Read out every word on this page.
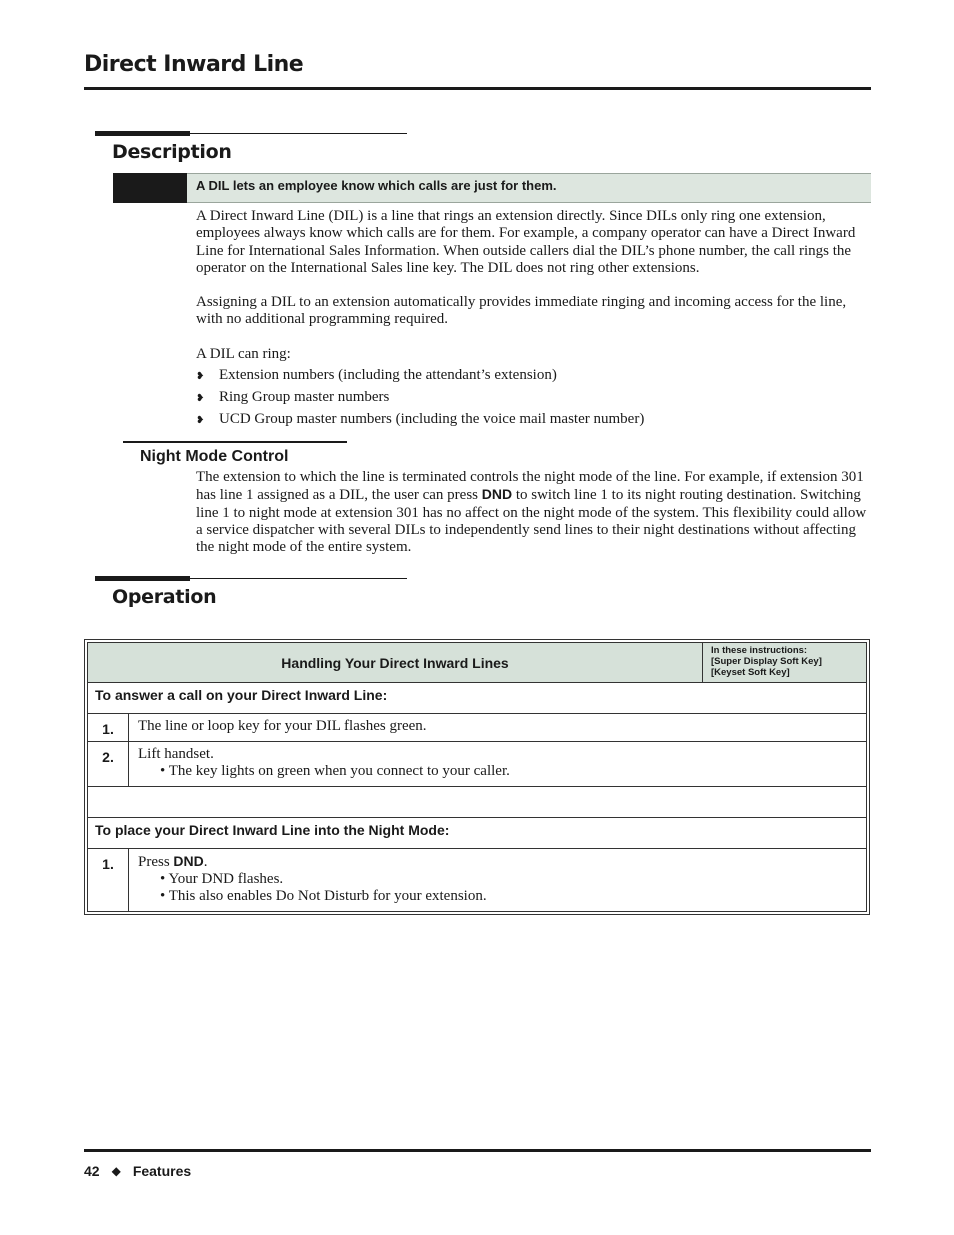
Direct Inward Line
Description
A DIL lets an employee know which calls are just for them.

A Direct Inward Line (DIL) is a line that rings an extension directly. Since DILs only ring one extension, employees always know which calls are for them. For example, a company operator can have a Direct Inward Line for International Sales Information. When outside callers dial the DIL’s phone number, the call rings the operator on the International Sales line key. The DIL does not ring other extensions.

Assigning a DIL to an extension automatically provides immediate ringing and incoming access for the line, with no additional programming required.

A DIL can ring:

❥ Extension numbers (including the attendant’s extension)
❥ Ring Group master numbers
❥ UCD Group master numbers (including the voice mail master number)
Night Mode Control

The extension to which the line is terminated controls the night mode of the line. For example, if extension 301 has line 1 assigned as a DIL, the user can press DND to switch line 1 to its night routing destination. Switching line 1 to night mode at extension 301 has no affect on the night mode of the system. This flexibility could allow a service dispatcher with several DILs to independently send lines to their night destinations without affecting the night mode of the entire system.

Operation
Handling Your Direct Inward Lines		In these instructions:
[Super Display Soft Key]
[Keyset Soft Key]

To answer a call on your Direct Inward Line:		
1.	The line or loop key for your DIL flashes green.	
2.	Lift handset.
• The key lights on green when you connect to your caller.	

To place your Direct Inward Line into the Night Mode:		
1.	Press DND.
• Your DND flashes.
• This also enables Do Not Disturb for your extension.	
42 ◆ Features
